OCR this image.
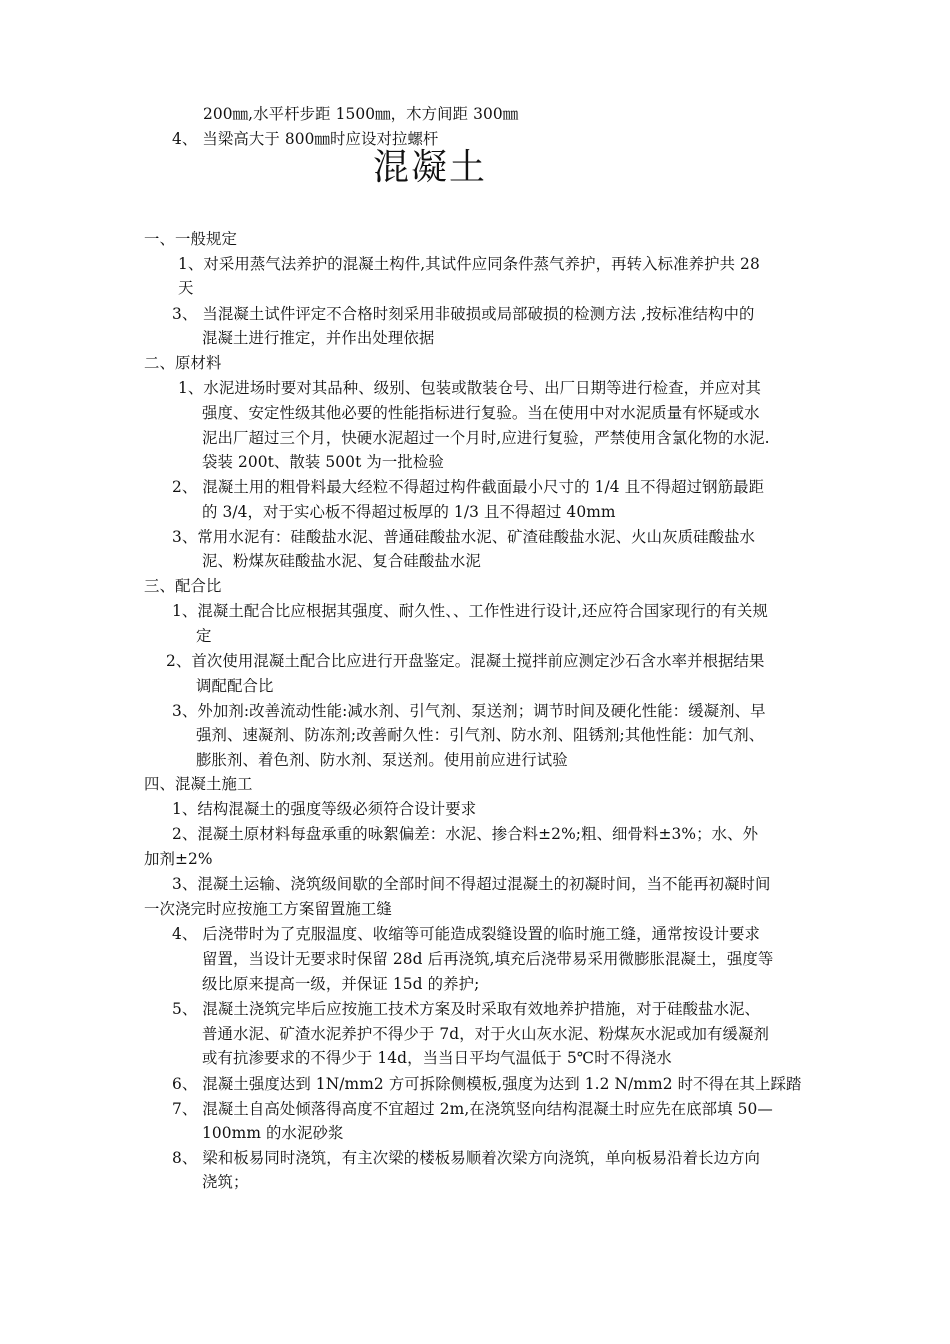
200㎜,水平杆步距 1500㎜，木方间距 300㎜
4、 当梁高大于 800㎜时应设对拉螺杆
混凝土
一、一般规定
1、对采用蒸气法养护的混凝土构件,其试件应同条件蒸气养护，再转入标准养护共 28
天
3、 当混凝土试件评定不合格时刻采用非破损或局部破损的检测方法 ,按标准结构中的
混凝土进行推定，并作出处理依据
二、原材料
1、水泥进场时要对其品种、级别、包装或散装仓号、出厂日期等进行检查，并应对其
强度、安定性级其他必要的性能指标进行复验。当在使用中对水泥质量有怀疑或水
泥出厂超过三个月，快硬水泥超过一个月时,应进行复验，严禁使用含氯化物的水泥.
袋装 200t、散装 500t 为一批检验
2、 混凝土用的粗骨料最大经粒不得超过构件截面最小尺寸的 1/4 且不得超过钢筋最距
的 3/4，对于实心板不得超过板厚的 1/3 且不得超过 40mm
3、常用水泥有：硅酸盐水泥、普通硅酸盐水泥、矿渣硅酸盐水泥、火山灰质硅酸盐水
泥、粉煤灰硅酸盐水泥、复合硅酸盐水泥
三、配合比
1、混凝土配合比应根据其强度、耐久性、、工作性进行设计,还应符合国家现行的有关规
定
2、首次使用混凝土配合比应进行开盘鉴定。混凝土搅拌前应测定沙石含水率并根据结果
调配配合比
3、外加剂:改善流动性能:减水剂、引气剂、泵送剂；调节时间及硬化性能：缓凝剂、早
强剂、速凝剂、防冻剂;改善耐久性：引气剂、防水剂、阻锈剂;其他性能：加气剂、
膨胀剂、着色剂、防水剂、泵送剂。使用前应进行试验
四、混凝土施工
1、结构混凝土的强度等级必须符合设计要求
2、混凝土原材料每盘承重的咏絮偏差：水泥、掺合料±2%;粗、细骨料±3%；水、外
加剂±2%
3、混凝土运输、浇筑级间歇的全部时间不得超过混凝土的初凝时间，当不能再初凝时间
一次浇完时应按施工方案留置施工缝
4、 后浇带时为了克服温度、收缩等可能造成裂缝设置的临时施工缝，通常按设计要求
留置，当设计无要求时保留 28d 后再浇筑,填充后浇带易采用微膨胀混凝土，强度等
级比原来提高一级，并保证 15d 的养护;
5、 混凝土浇筑完毕后应按施工技术方案及时采取有效地养护措施，对于硅酸盐水泥、
普通水泥、矿渣水泥养护不得少于 7d，对于火山灰水泥、粉煤灰水泥或加有缓凝剂
或有抗渗要求的不得少于 14d，当当日平均气温低于 5℃时不得浇水
6、 混凝土强度达到 1N/mm2 方可拆除侧模板,强度为达到 1.2 N/mm2 时不得在其上踩踏
7、 混凝土自高处倾落得高度不宜超过 2m,在浇筑竖向结构混凝土时应先在底部填 50—
100mm 的水泥砂浆
8、 梁和板易同时浇筑，有主次梁的楼板易顺着次梁方向浇筑，单向板易沿着长边方向
浇筑；
